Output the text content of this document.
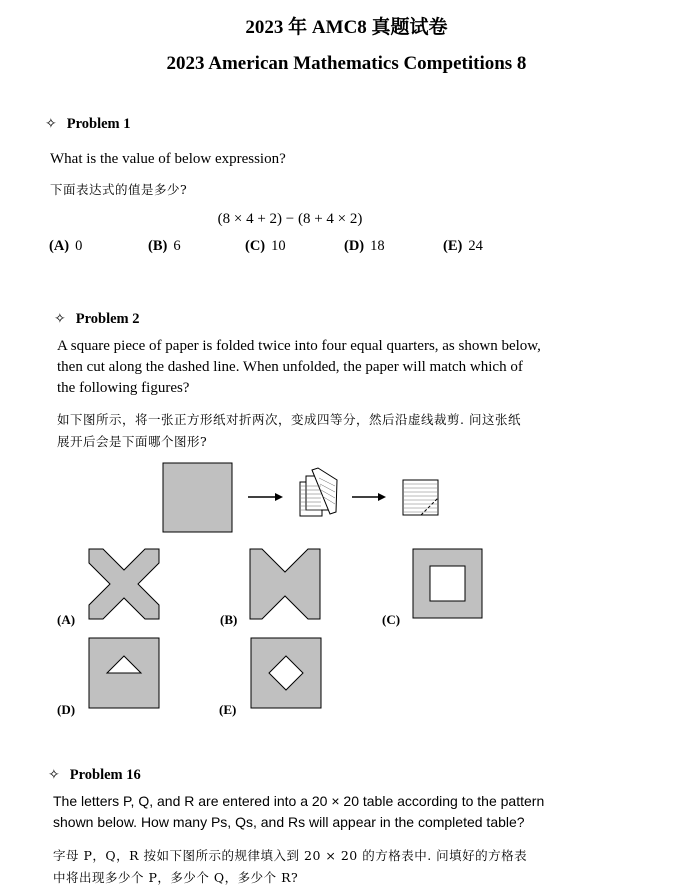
2023 年 AMC8 真题试卷
2023 American Mathematics Competitions 8
✧ Problem 1
What is the value of below expression?
下面表达式的值是多少?
(8 × 4 + 2) − (8 + 4 × 2)
(A) 0	(B) 6	(C) 10	(D) 18	(E) 24
✧ Problem 2
A square piece of paper is folded twice into four equal quarters, as shown below,
then cut along the dashed line. When unfolded, the paper will match which of
the following figures?
如下图所示，将一张正方形纸对折两次，变成四等分，然后沿虚线裁剪. 问这张纸
展开后会是下面哪个图形?
(A)	(B)	(C)
(D)	(E)
✧ Problem 16
The letters P, Q, and R are entered into a 20 × 20 table according to the pattern
shown below. How many Ps, Qs, and Rs will appear in the completed table?
字母 P，Q，R 按如下图所示的规律填入到 20 × 20 的方格表中. 问填好的方格表
中将出现多少个 P，多少个 Q，多少个 R?
